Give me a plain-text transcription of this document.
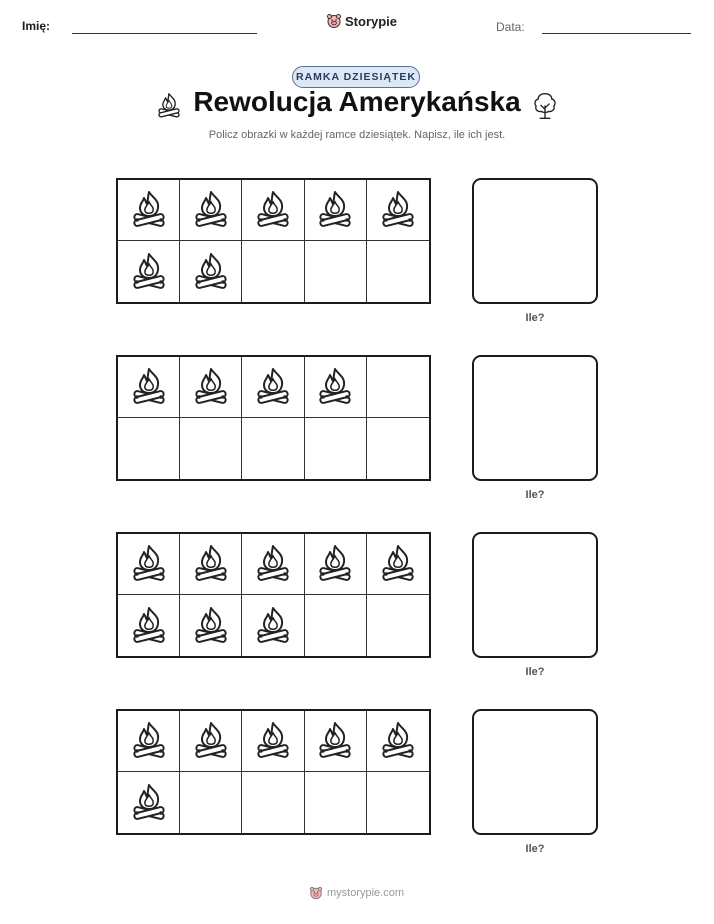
Imię:	Storypie	Data:
RAMKA DZIESIĄTEK
Rewolucja Amerykańska
Policz obrazki w każdej ramce dziesiątek. Napisz, ile ich jest.
Ile?
Ile?
Ile?
Ile?
mystorypie.com
